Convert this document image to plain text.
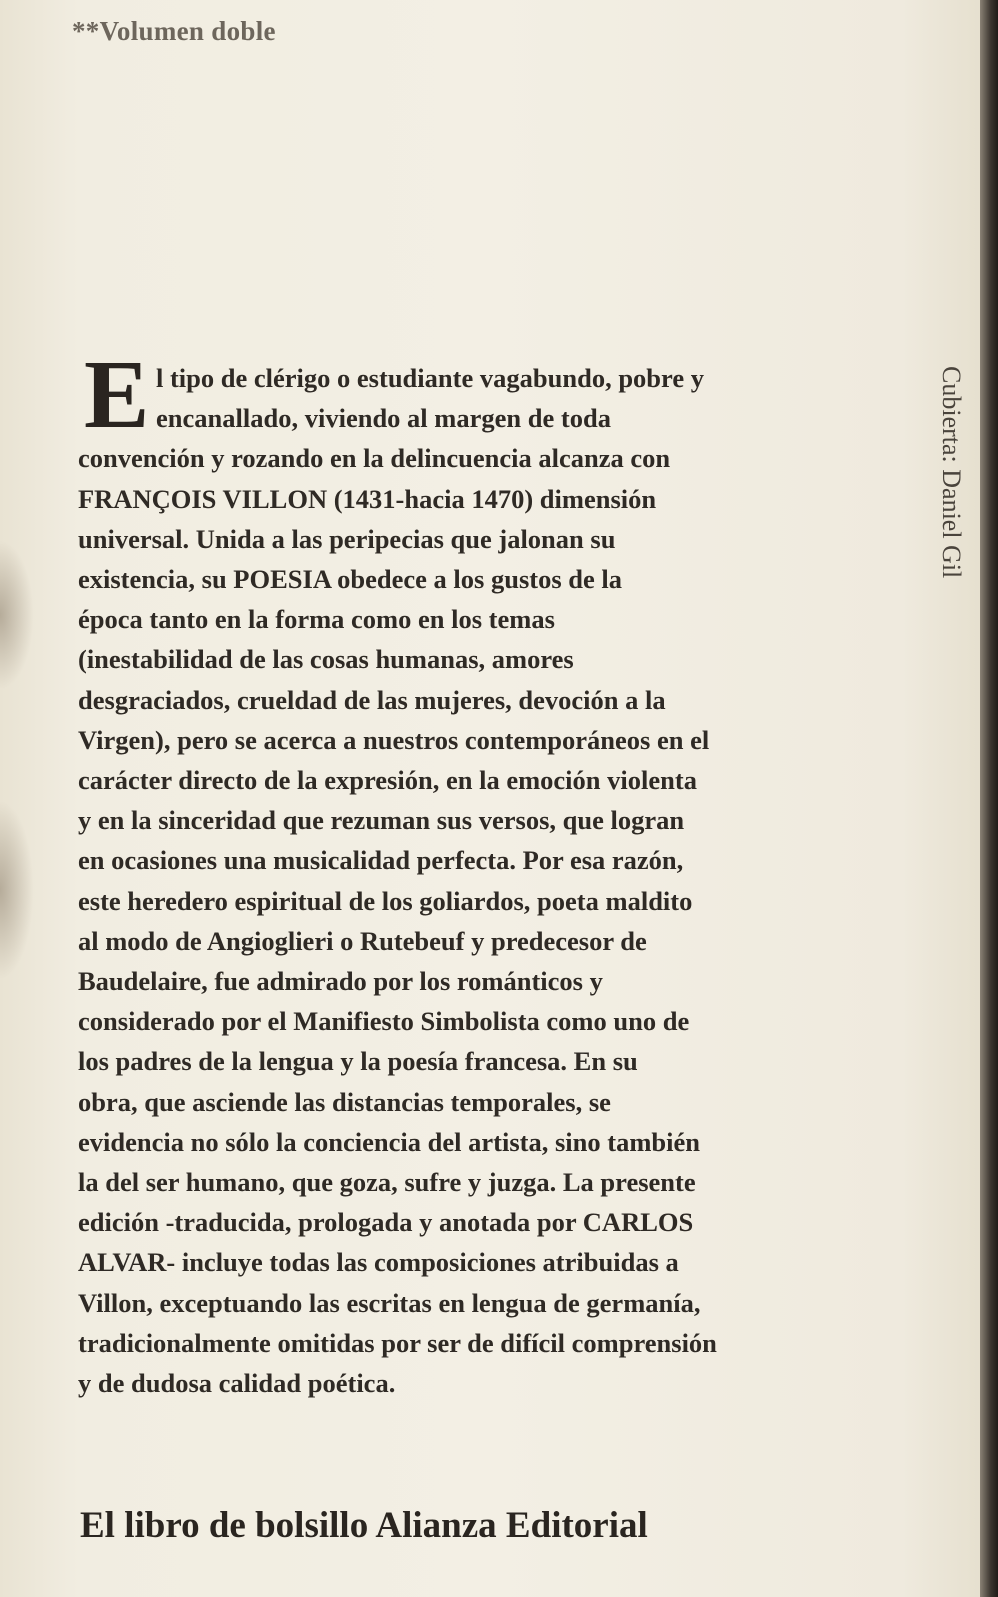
**Volumen doble
E l tipo de clérigo o estudiante vagabundo, pobre y
encanallado, viviendo al margen de toda
convención y rozando en la delincuencia alcanza con
FRANÇOIS VILLON (1431-hacia 1470) dimensión
universal. Unida a las peripecias que jalonan su
existencia, su POESIA obedece a los gustos de la
época tanto en la forma como en los temas
(inestabilidad de las cosas humanas, amores
desgraciados, crueldad de las mujeres, devoción a la
Virgen), pero se acerca a nuestros contemporáneos en el
carácter directo de la expresión, en la emoción violenta
y en la sinceridad que rezuman sus versos, que logran
en ocasiones una musicalidad perfecta. Por esa razón,
este heredero espiritual de los goliardos, poeta maldito
al modo de Angioglieri o Rutebeuf y predecesor de
Baudelaire, fue admirado por los románticos y
considerado por el Manifiesto Simbolista como uno de
los padres de la lengua y la poesía francesa. En su
obra, que asciende las distancias temporales, se
evidencia no sólo la conciencia del artista, sino también
la del ser humano, que goza, sufre y juzga. La presente
edición -traducida, prologada y anotada por CARLOS
ALVAR- incluye todas las composiciones atribuidas a
Villon, exceptuando las escritas en lengua de germanía,
tradicionalmente omitidas por ser de difícil comprensión
y de dudosa calidad poética.
Cubierta: Daniel Gil
El libro de bolsillo Alianza Editorial
